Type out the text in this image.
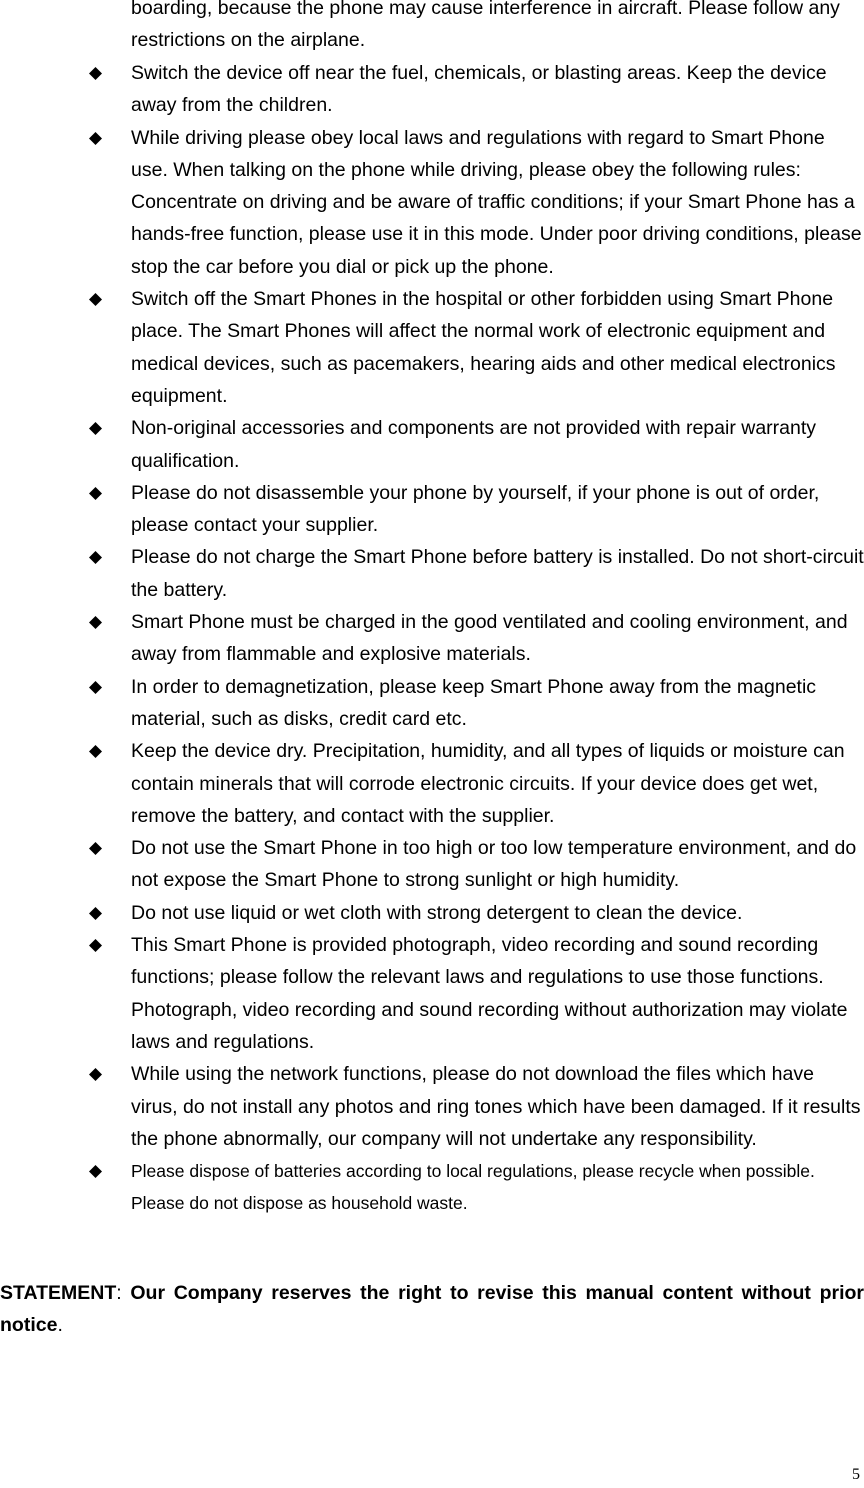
boarding, because the phone may cause interference in aircraft. Please follow any restrictions on the airplane.

Switch the device off near the fuel, chemicals, or blasting areas. Keep the device away from the children.
While driving please obey local laws and regulations with regard to Smart Phone use. When talking on the phone while driving, please obey the following rules: Concentrate on driving and be aware of traffic conditions; if your Smart Phone has a hands-free function, please use it in this mode. Under poor driving conditions, please stop the car before you dial or pick up the phone.
Switch off the Smart Phones in the hospital or other forbidden using Smart Phone place. The Smart Phones will affect the normal work of electronic equipment and medical devices, such as pacemakers, hearing aids and other medical electronics equipment.
Non-original accessories and components are not provided with repair warranty qualification.
Please do not disassemble your phone by yourself, if your phone is out of order, please contact your supplier.
Please do not charge the Smart Phone before battery is installed. Do not short-circuit the battery.
Smart Phone must be charged in the good ventilated and cooling environment, and away from flammable and explosive materials.
In order to demagnetization, please keep Smart Phone away from the magnetic material, such as disks, credit card etc.
Keep the device dry. Precipitation, humidity, and all types of liquids or moisture can contain minerals that will corrode electronic circuits. If your device does get wet, remove the battery, and contact with the supplier.
Do not use the Smart Phone in too high or too low temperature environment, and do not expose the Smart Phone to strong sunlight or high humidity.
Do not use liquid or wet cloth with strong detergent to clean the device.
This Smart Phone is provided photograph, video recording and sound recording functions; please follow the relevant laws and regulations to use those functions. Photograph, video recording and sound recording without authorization may violate laws and regulations.
While using the network functions, please do not download the files which have virus, do not install any photos and ring tones which have been damaged. If it results the phone abnormally, our company will not undertake any responsibility.
Please dispose of batteries according to local regulations, please recycle when possible. Please do not dispose as household waste.

STATEMENT: Our Company reserves the right to revise this manual content without prior notice.

5
